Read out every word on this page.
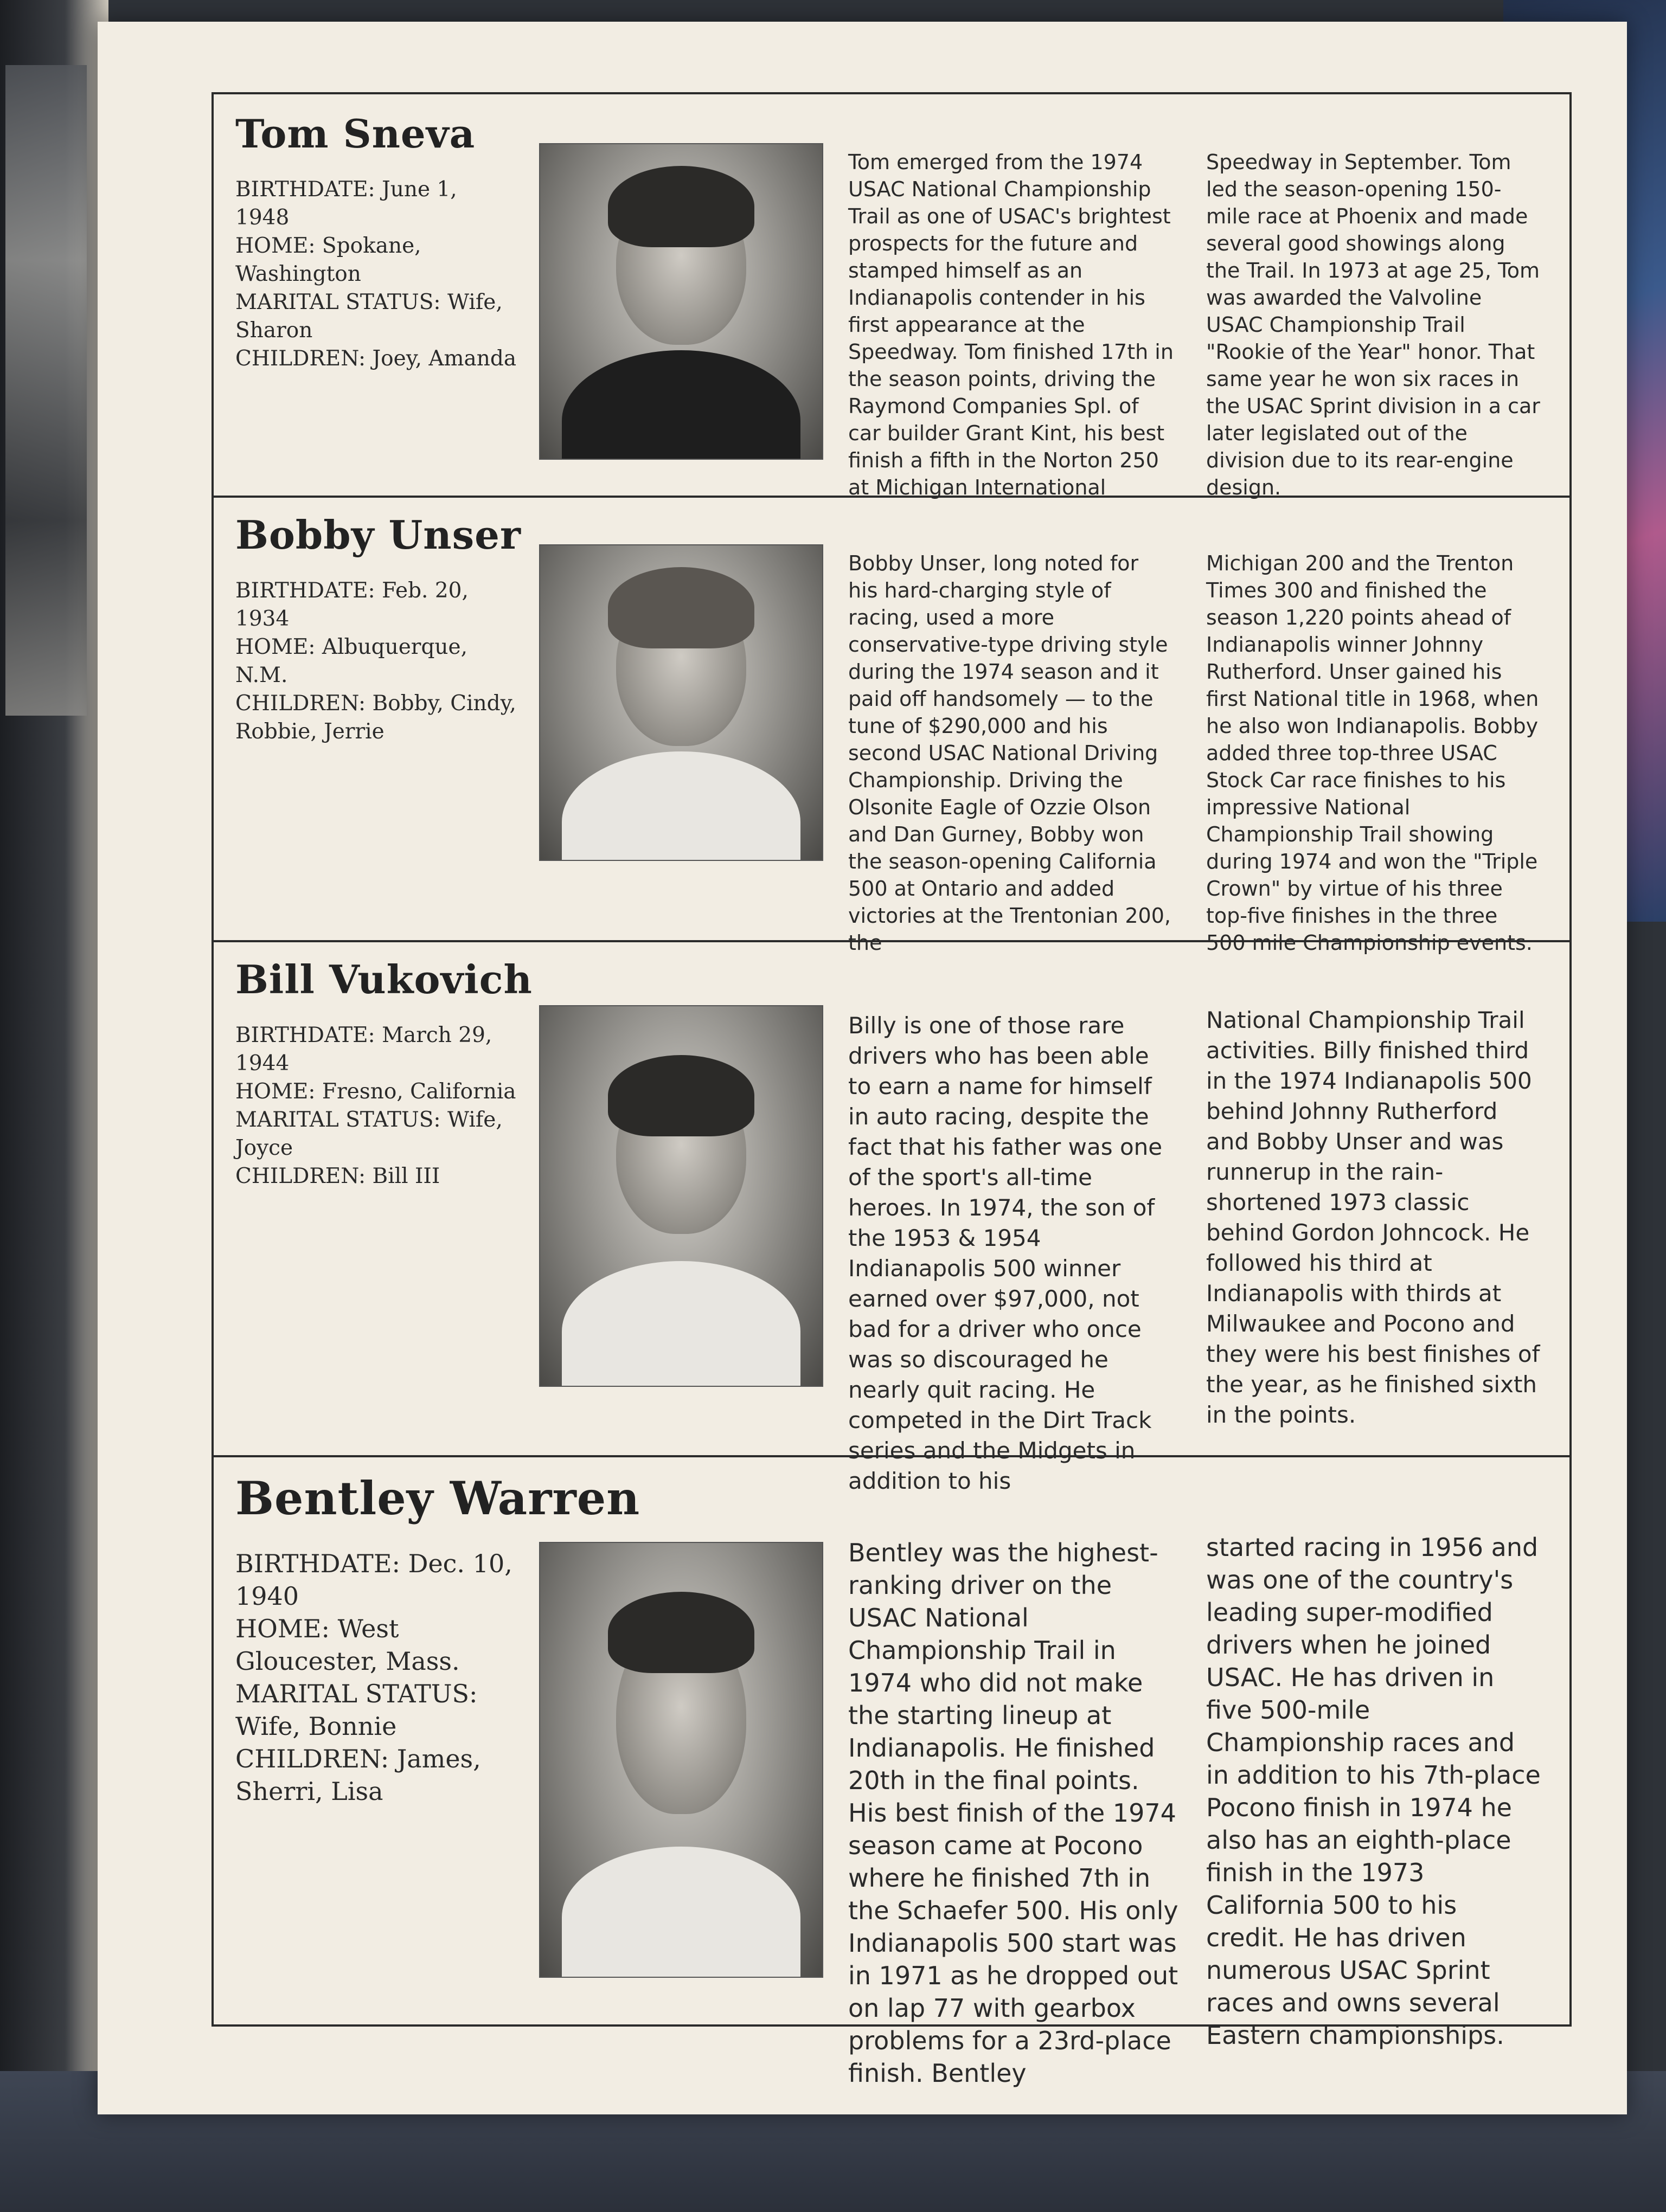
Tom Sneva
BIRTHDATE: June 1, 1948
HOME: Spokane, Washington
MARITAL STATUS: Wife, Sharon
CHILDREN: Joey, Amanda
Tom emerged from the 1974 USAC National Championship Trail as one of USAC's brightest prospects for the future and stamped himself as an Indianapolis contender in his first appearance at the Speedway. Tom finished 17th in the season points, driving the Raymond Companies Spl. of car builder Grant Kint, his best finish a fifth in the Norton 250 at Michigan International
Speedway in September. Tom led the season-opening 150-mile race at Phoenix and made several good showings along the Trail. In 1973 at age 25, Tom was awarded the Valvoline USAC Championship Trail "Rookie of the Year" honor. That same year he won six races in the USAC Sprint division in a car later legislated out of the division due to its rear-engine design.
Bobby Unser
BIRTHDATE: Feb. 20, 1934
HOME: Albuquerque, N.M.
CHILDREN: Bobby, Cindy, Robbie, Jerrie
Bobby Unser, long noted for his hard-charging style of racing, used a more conservative-type driving style during the 1974 season and it paid off handsomely — to the tune of $290,000 and his second USAC National Driving Championship. Driving the Olsonite Eagle of Ozzie Olson and Dan Gurney, Bobby won the season-opening California 500 at Ontario and added victories at the Trentonian 200, the
Michigan 200 and the Trenton Times 300 and finished the season 1,220 points ahead of Indianapolis winner Johnny Rutherford. Unser gained his first National title in 1968, when he also won Indianapolis. Bobby added three top-three USAC Stock Car race finishes to his impressive National Championship Trail showing during 1974 and won the "Triple Crown" by virtue of his three top-five finishes in the three 500 mile Championship events.
Bill Vukovich
BIRTHDATE: March 29, 1944
HOME: Fresno, California
MARITAL STATUS: Wife, Joyce
CHILDREN: Bill III
Billy is one of those rare drivers who has been able to earn a name for himself in auto racing, despite the fact that his father was one of the sport's all-time heroes. In 1974, the son of the 1953 & 1954 Indianapolis 500 winner earned over $97,000, not bad for a driver who once was so discouraged he nearly quit racing. He competed in the Dirt Track series and the Midgets in addition to his
National Championship Trail activities. Billy finished third in the 1974 Indianapolis 500 behind Johnny Rutherford and Bobby Unser and was runnerup in the rain-shortened 1973 classic behind Gordon Johncock. He followed his third at Indianapolis with thirds at Milwaukee and Pocono and they were his best finishes of the year, as he finished sixth in the points.
Bentley Warren
BIRTHDATE: Dec. 10, 1940
HOME: West Gloucester, Mass.
MARITAL STATUS: Wife, Bonnie
CHILDREN: James, Sherri, Lisa
Bentley was the highest-ranking driver on the USAC National Championship Trail in 1974 who did not make the starting lineup at Indianapolis. He finished 20th in the final points. His best finish of the 1974 season came at Pocono where he finished 7th in the Schaefer 500. His only Indianapolis 500 start was in 1971 as he dropped out on lap 77 with gearbox problems for a 23rd-place finish. Bentley
started racing in 1956 and was one of the country's leading super-modified drivers when he joined USAC. He has driven in five 500-mile Championship races and in addition to his 7th-place Pocono finish in 1974 he also has an eighth-place finish in the 1973 California 500 to his credit. He has driven numerous USAC Sprint races and owns several Eastern championships.
